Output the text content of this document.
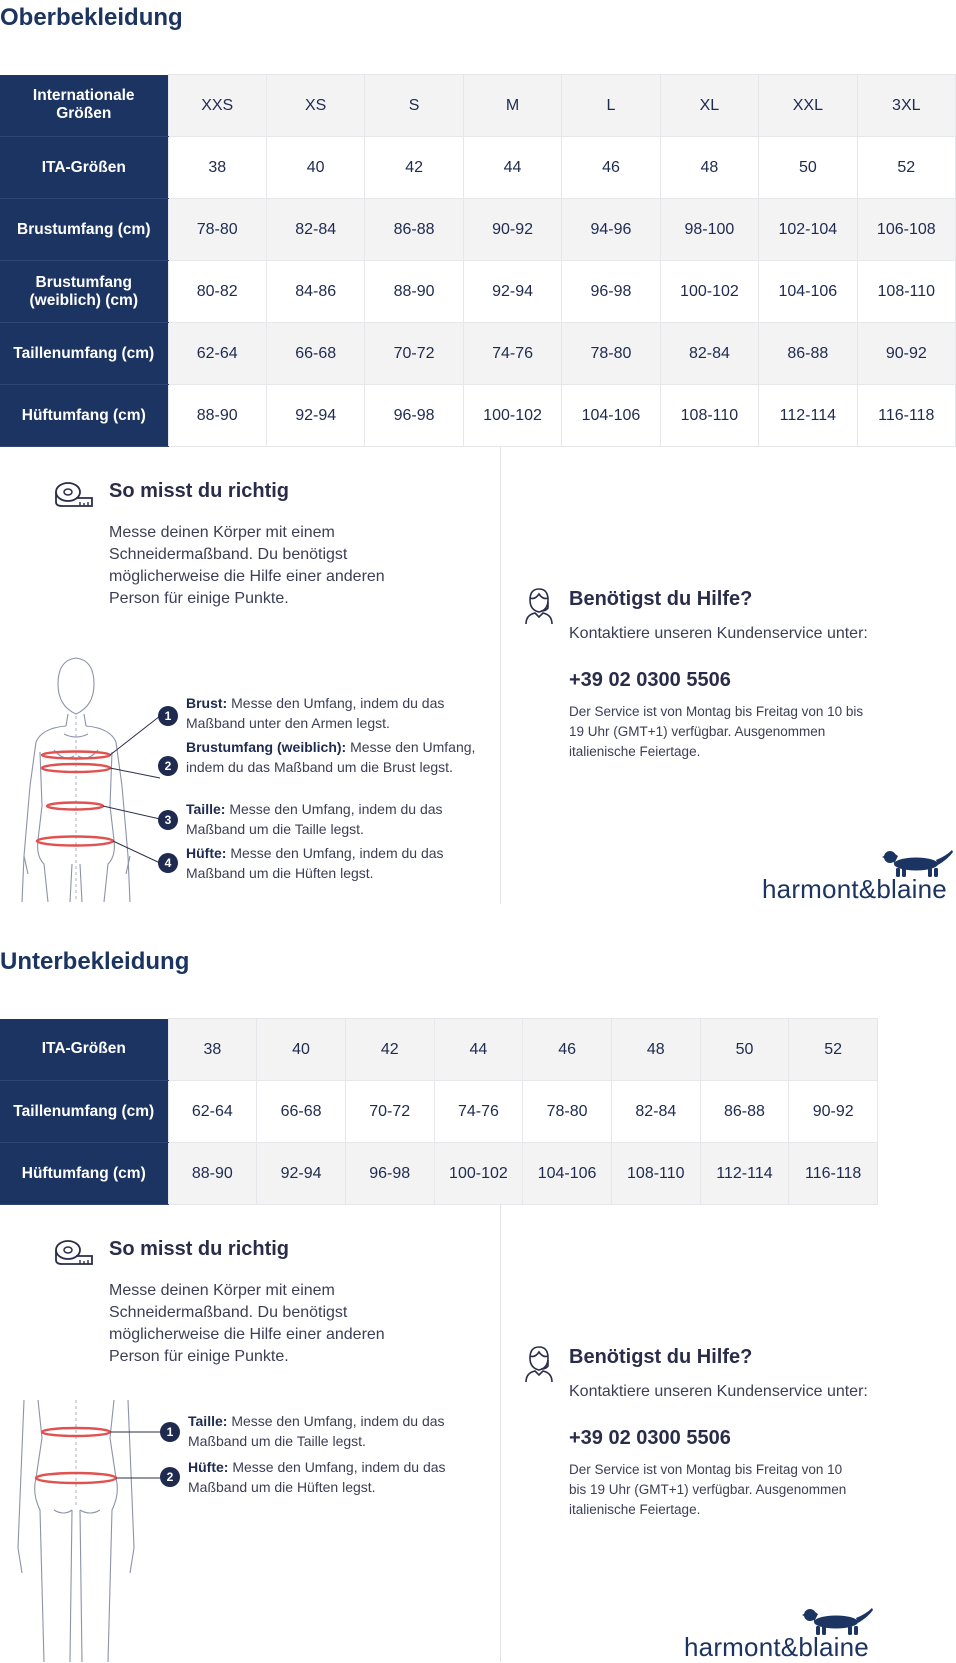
Oberbekleidung
Internationale Größen	XXS	XS	S	M	L	XL	XXL	3XL
ITA-Größen	38	40	42	44	46	48	50	52
Brustumfang (cm)	78-80	82-84	86-88	90-92	94-96	98-100	102-104	106-108
Brustumfang (weiblich) (cm)	80-82	84-86	88-90	92-94	96-98	100-102	104-106	108-110
Taillenumfang (cm)	62-64	66-68	70-72	74-76	78-80	82-84	86-88	90-92
Hüftumfang (cm)	88-90	92-94	96-98	100-102	104-106	108-110	112-114	116-118
So misst du richtig

Messe deinen Körper mit einem Schneidermaßband. Du benötigst möglicherweise die Hilfe einer anderen Person für einige Punkte.

1

Brust: Messe den Umfang, indem du das Maßband unter den Armen legst.

2

Brustumfang (weiblich): Messe den Umfang, indem du das Maßband um die Brust legst.

3

Taille: Messe den Umfang, indem du das Maßband um die Taille legst.

4

Hüfte: Messe den Umfang, indem du das Maßband um die Hüften legst.

Benötigst du Hilfe?

Kontaktiere unseren Kundenservice unter:

+39 02 0300 5506

Der Service ist von Montag bis Freitag von 10 bis 19 Uhr (GMT+1) verfügbar. Ausgenommen italienische Feiertage.

harmont&blaine
Unterbekleidung
ITA-Größen	38	40	42	44	46	48	50	52
Taillenumfang (cm)	62-64	66-68	70-72	74-76	78-80	82-84	86-88	90-92
Hüftumfang (cm)	88-90	92-94	96-98	100-102	104-106	108-110	112-114	116-118
So misst du richtig

Messe deinen Körper mit einem Schneidermaßband. Du benötigst möglicherweise die Hilfe einer anderen Person für einige Punkte.

1

Taille: Messe den Umfang, indem du das Maßband um die Taille legst.

2

Hüfte: Messe den Umfang, indem du das Maßband um die Hüften legst.

Benötigst du Hilfe?

Kontaktiere unseren Kundenservice unter:

+39 02 0300 5506

Der Service ist von Montag bis Freitag von 10 bis 19 Uhr (GMT+1) verfügbar. Ausgenommen italienische Feiertage.

harmont&blaine
